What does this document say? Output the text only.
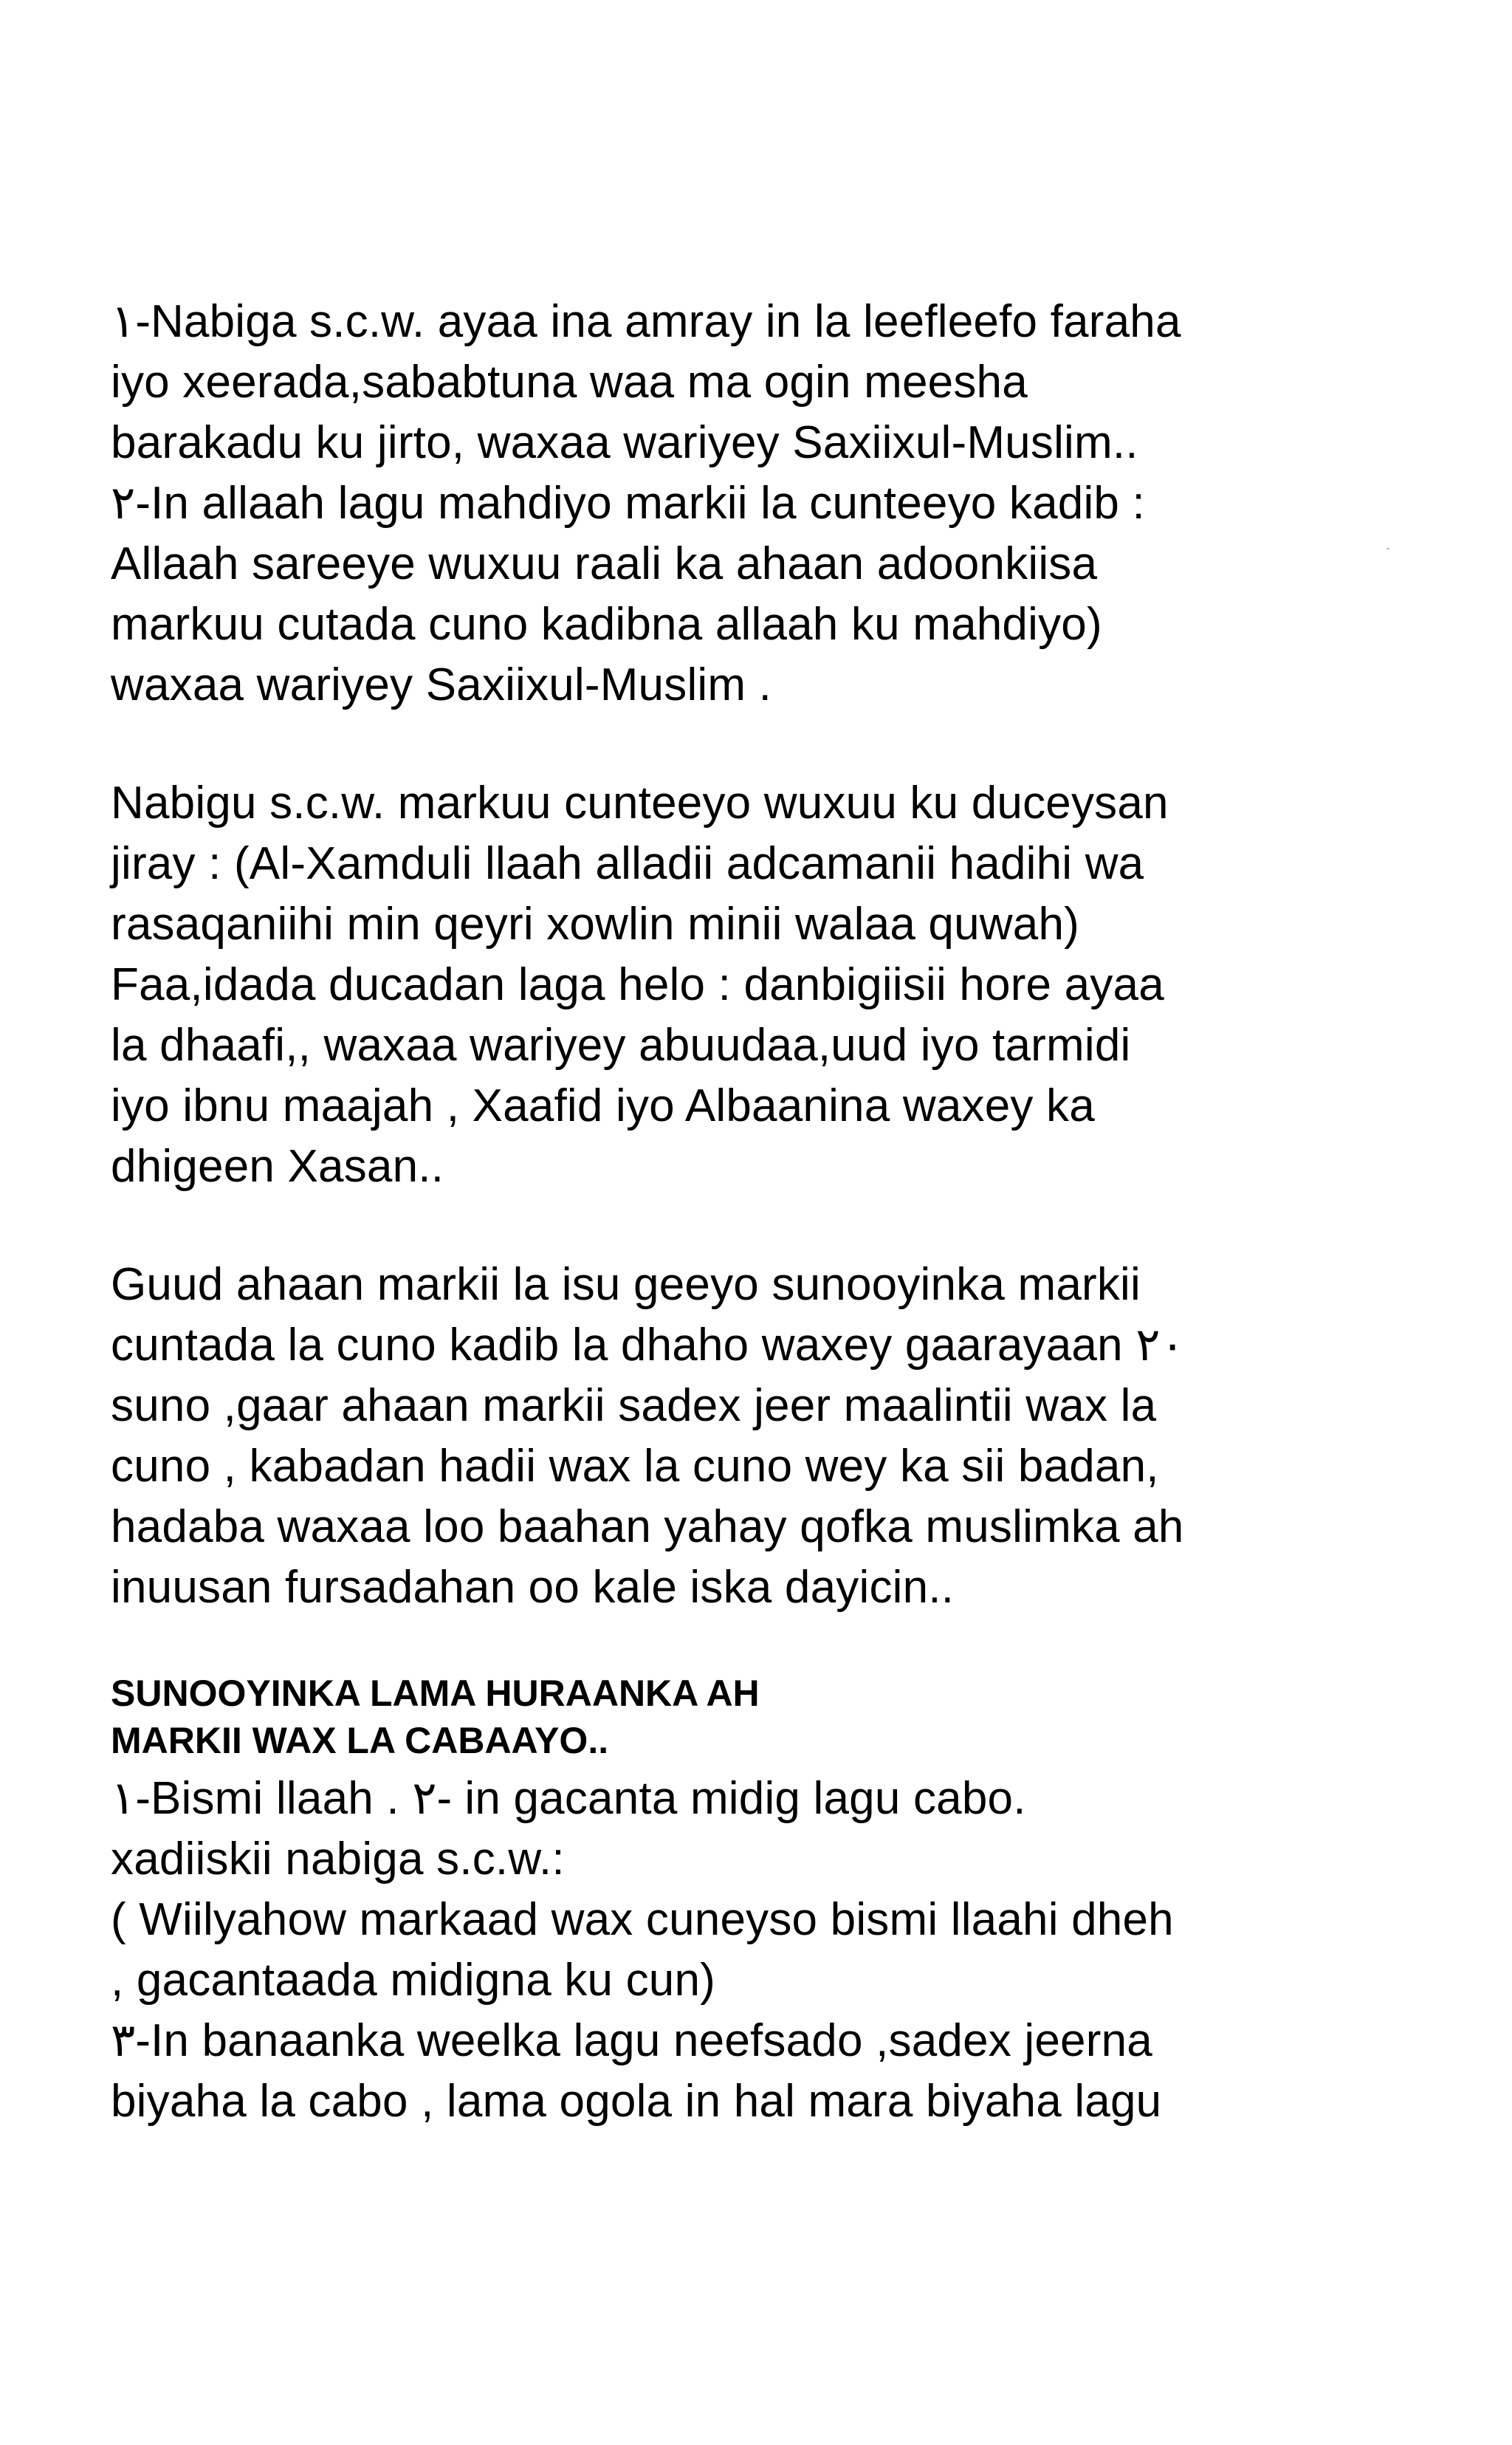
١-Nabiga s.c.w. ayaa ina amray in la leefleefo faraha
iyo xeerada,sababtuna waa ma ogin meesha
barakadu ku jirto, waxaa wariyey Saxiixul-Muslim..
٢-In allaah lagu mahdiyo markii la cunteeyo kadib :
Allaah sareeye wuxuu raali ka ahaan adoonkiisa
markuu cutada cuno kadibna allaah ku mahdiyo)
waxaa wariyey Saxiixul-Muslim .
Nabigu s.c.w. markuu cunteeyo wuxuu ku duceysan
jiray : (Al-Xamduli llaah alladii adcamanii hadihi wa
rasaqaniihi min qeyri xowlin minii walaa quwah)
Faa,idada ducadan laga helo : danbigiisii hore ayaa
la dhaafi,, waxaa wariyey abuudaa,uud iyo tarmidi
iyo ibnu maajah , Xaafid iyo Albaanina waxey ka
dhigeen Xasan..
Guud ahaan markii la isu geeyo sunooyinka markii
cuntada la cuno kadib la dhaho waxey gaarayaan ٢٠
suno ,gaar ahaan markii sadex jeer maalintii wax la
cuno , kabadan hadii wax la cuno wey ka sii badan,
hadaba waxaa loo baahan yahay qofka muslimka ah
inuusan fursadahan oo kale iska dayicin..
SUNOOYINKA LAMA HURAANKA AH
MARKII WAX LA CABAAYO..
١-Bismi llaah . ٢- in gacanta midig lagu cabo.
xadiiskii nabiga s.c.w.:
( Wiilyahow markaad wax cuneyso bismi llaahi dheh
, gacantaada midigna ku cun)
٣-In banaanka weelka lagu neefsado ,sadex jeerna
biyaha la cabo , lama ogola in hal mara biyaha lagu
